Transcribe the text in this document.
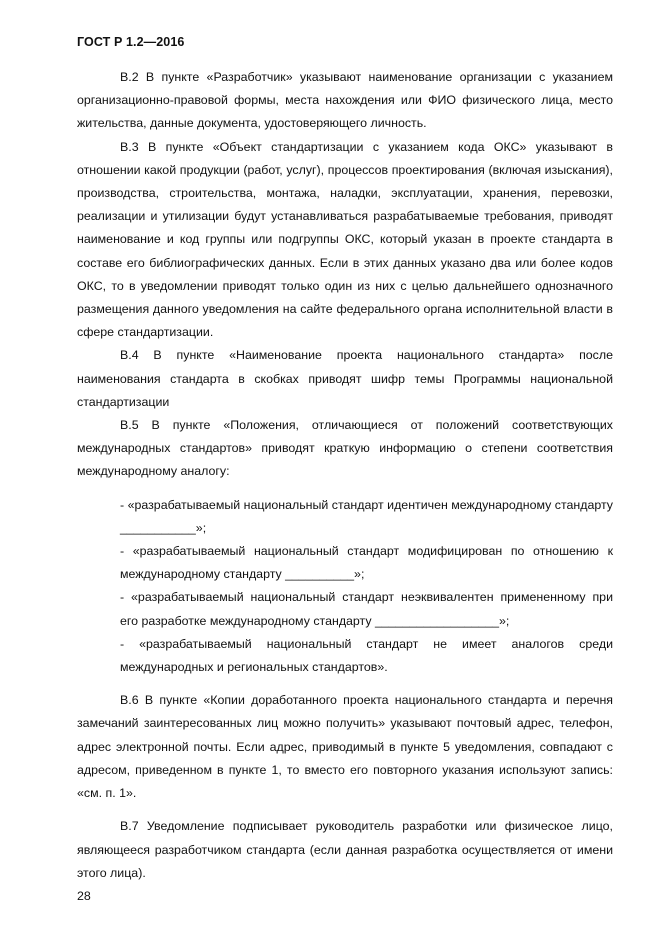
ГОСТ Р 1.2—2016

В.2 В пункте «Разработчик» указывают наименование организации с указанием организационно-правовой формы, места нахождения или ФИО физического лица, место жительства, данные документа, удостоверяющего личность.

В.3 В пункте «Объект стандартизации с указанием кода ОКС» указывают в отношении какой продукции (работ, услуг), процессов проектирования (включая изыскания), производства, строительства, монтажа, наладки, эксплуатации, хранения, перевозки, реализации и утилизации будут устанавливаться разрабатываемые требования, приводят наименование и код группы или подгруппы ОКС, который указан в проекте стандарта в составе его библиографических данных. Если в этих данных указано два или более кодов ОКС, то в уведомлении приводят только один из них с целью дальнейшего однозначного размещения данного уведомления на сайте федерального органа исполнительной власти в сфере стандартизации.

В.4 В пункте «Наименование проекта национального стандарта» после наименования стандарта в скобках приводят шифр темы Программы национальной стандартизации

В.5 В пункте «Положения, отличающиеся от положений соответствующих международных стандартов» приводят краткую информацию о степени соответствия международному аналогу:

- «разрабатываемый национальный стандарт идентичен международному стандарту ___________»;

- «разрабатываемый национальный стандарт модифицирован по отношению к международному стандарту __________»;

- «разрабатываемый национальный стандарт неэквивалентен примененному при его разработке международному стандарту __________________»;

- «разрабатываемый национальный стандарт не имеет аналогов среди международных и региональных стандартов».

В.6 В пункте «Копии доработанного проекта национального стандарта и перечня замечаний заинтересованных лиц можно получить» указывают почтовый адрес, телефон, адрес электронной почты. Если адрес, приводимый в пункте 5 уведомления, совпадают с адресом, приведенном в пункте 1, то вместо его повторного указания используют запись: «см. п. 1».

В.7 Уведомление подписывает руководитель разработки или физическое лицо, являющееся разработчиком стандарта (если данная разработка осуществляется от имени этого лица).

28
